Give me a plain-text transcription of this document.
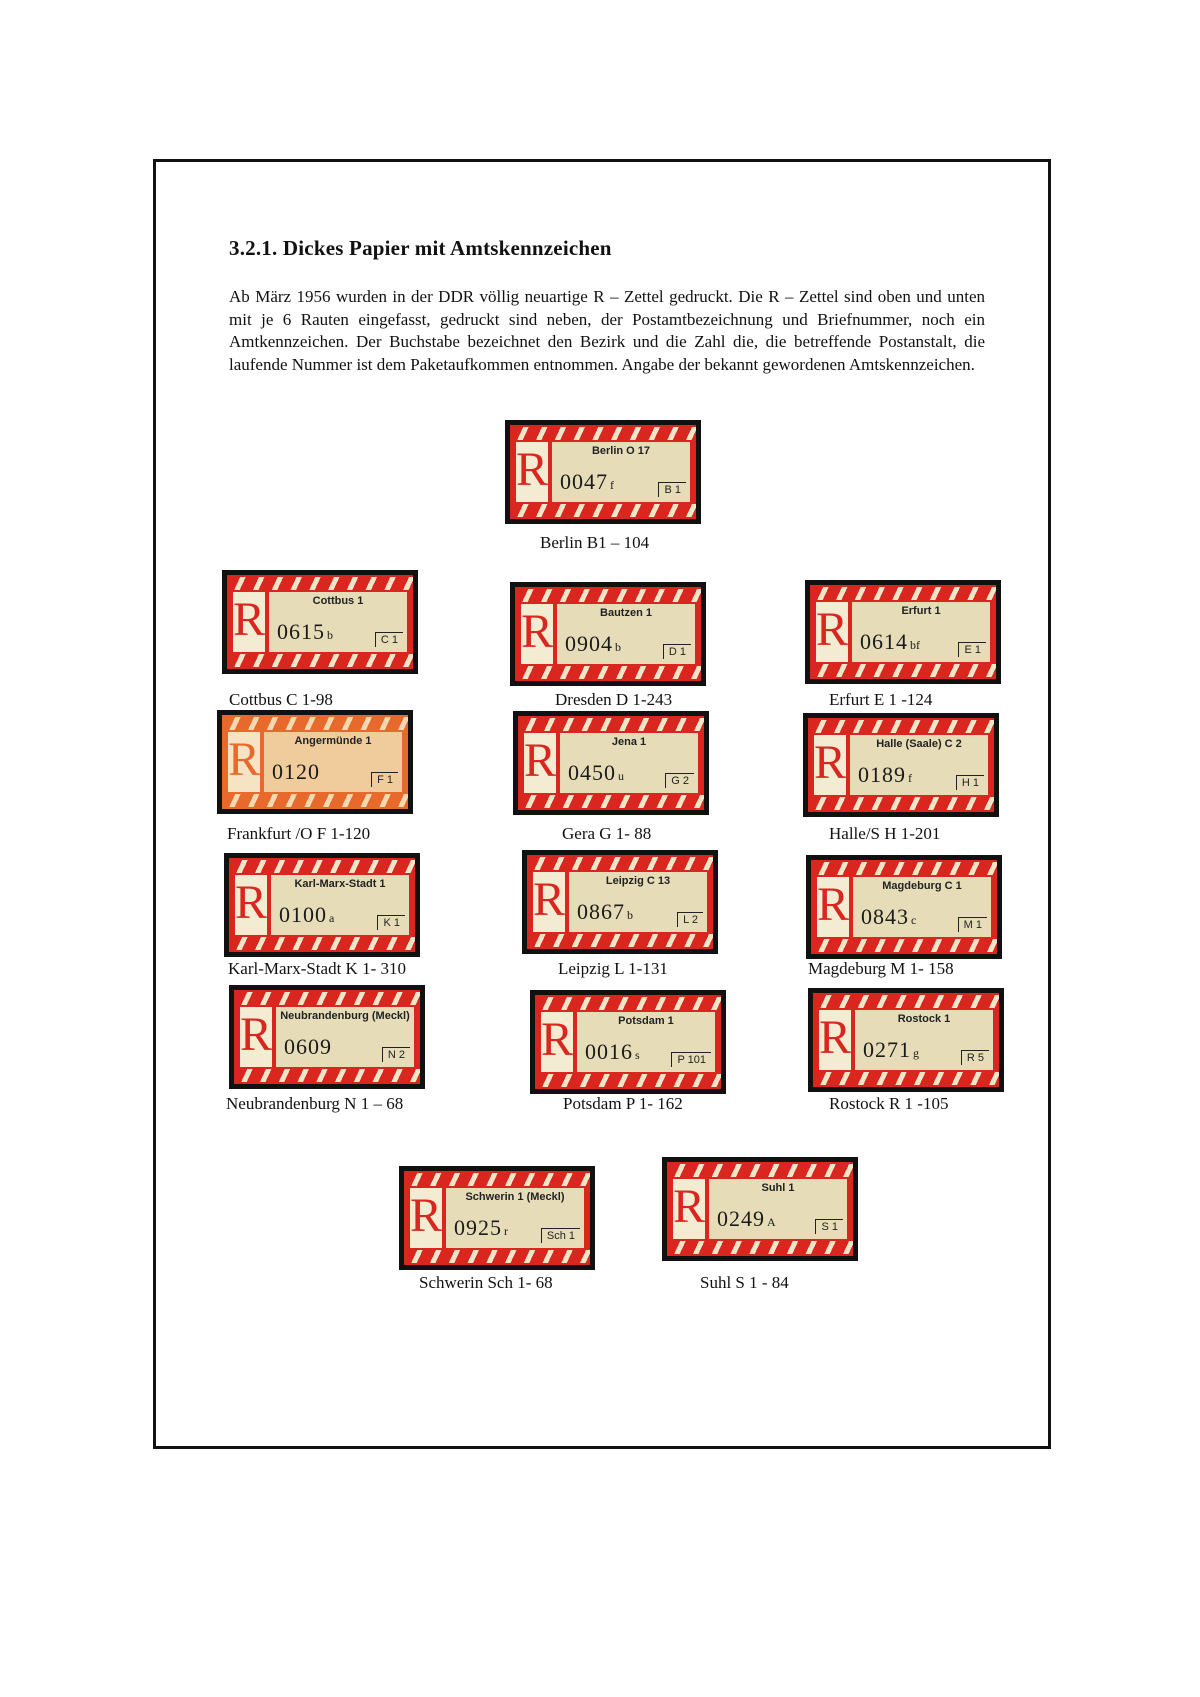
3.2.1. Dickes Papier mit Amtskennzeichen
Ab März 1956 wurden in der DDR völlig neuartige R – Zettel gedruckt. Die R – Zettel sind oben und unten mit je 6 Rauten eingefasst, gedruckt sind neben, der Postamtbezeichnung und Briefnummer, noch ein Amtkennzeichen. Der Buchstabe bezeichnet den Bezirk und die Zahl die, die betreffende Postanstalt, die laufende Nummer ist dem Paketaufkommen entnommen. Angabe der bekannt gewordenen Amtskennzeichen.
R	Berlin O 17
0047 f	B 1
Berlin B1 – 104
R	Cottbus 1
0615 b	C 1
Cottbus C 1-98
R	Bautzen 1
0904 b	D 1
Dresden D 1-243
R	Erfurt 1
0614 bf	E 1
Erfurt E 1 -124
R	Angermünde 1
0120	F 1
Frankfurt /O F 1-120
R	Jena 1
0450 u	G 2
Gera G 1- 88
R	Halle (Saale) C 2
0189 f	H 1
Halle/S H 1-201
R	Karl-Marx-Stadt 1
0100 a	K 1
Karl-Marx-Stadt K 1- 310
R	Leipzig C 13
0867 b	L 2
Leipzig L 1-131
R	Magdeburg C 1
0843 c	M 1
Magdeburg M 1- 158
R Neubrandenburg (Meckl)
0609	N 2
Neubrandenburg N 1 – 68
R	Potsdam 1
0016 s	P 101
Potsdam P 1- 162
R	Rostock 1
0271 g	R 5
Rostock R 1 -105
R	Schwerin 1 (Meckl)
0925 r	Sch 1
Schwerin Sch 1- 68
R	Suhl 1
0249 A	S 1
Suhl S 1 - 84
